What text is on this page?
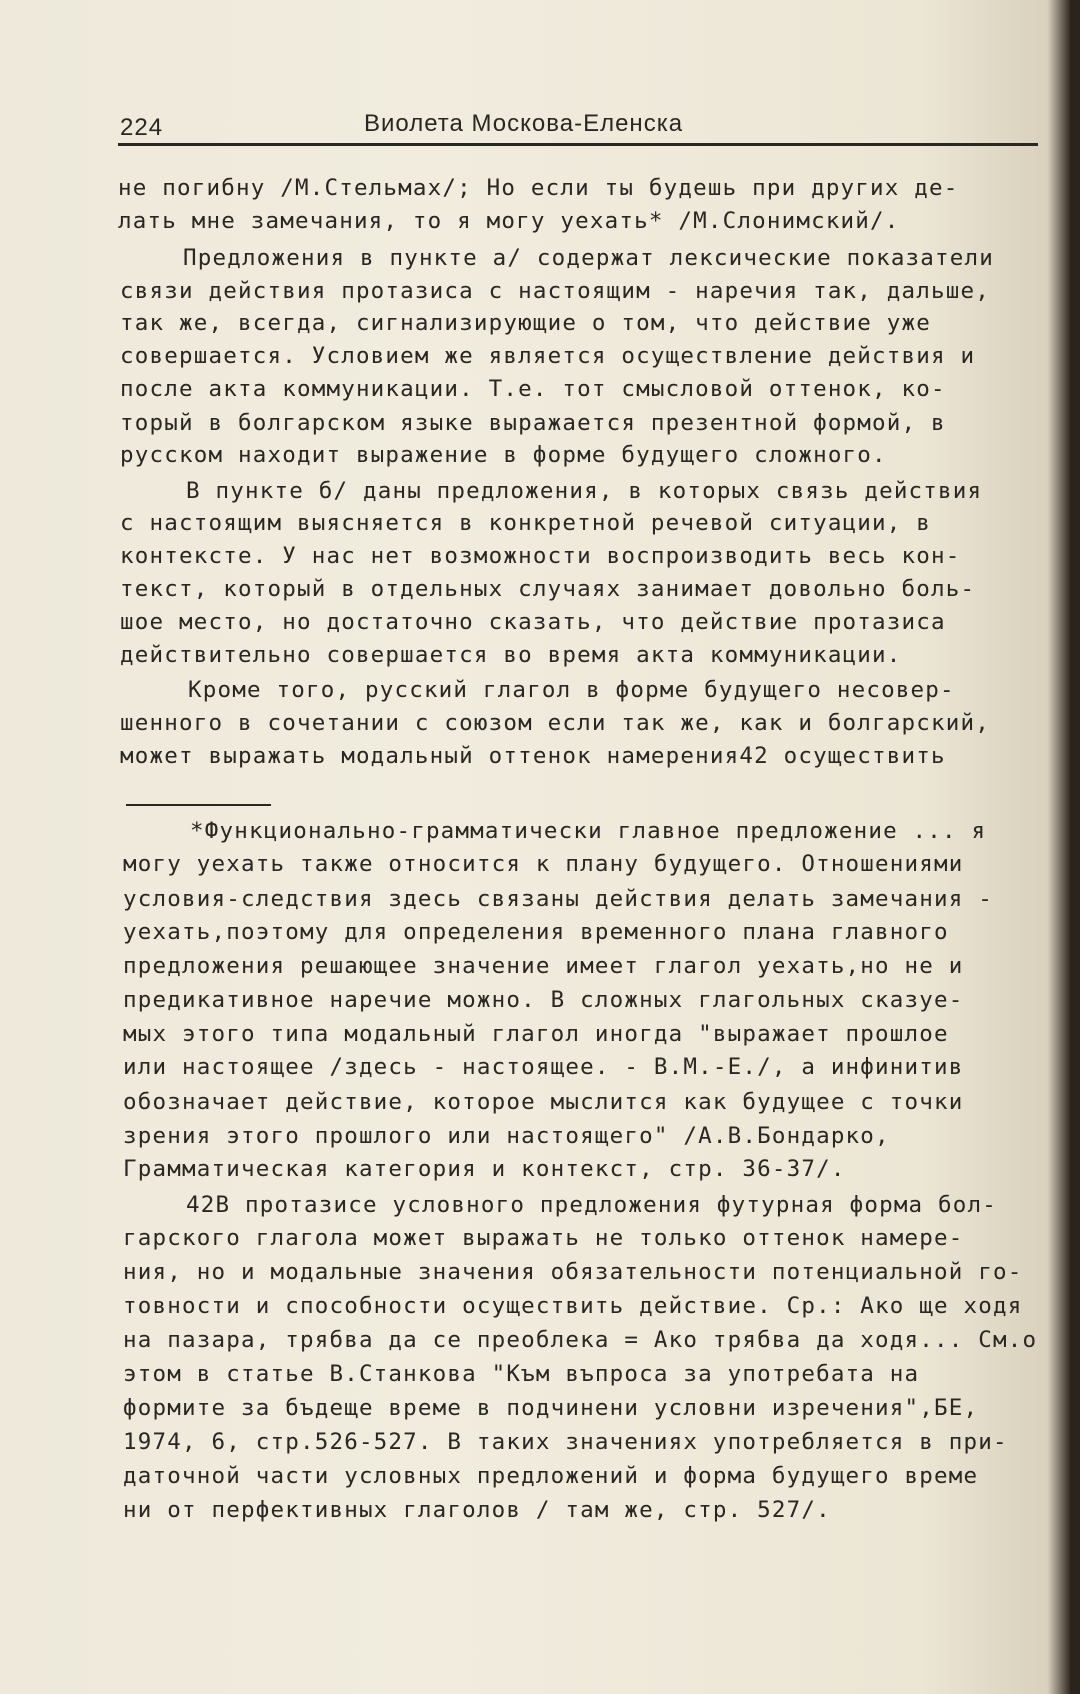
224	Виолета Москова-Еленска
не погибну /М.Стельмах/; Но если ты будешь при других де-
лать мне замечания, то я могу уехать* /М.Слонимский/.
Предложения в пункте а/ содержат лексические показатели
связи действия протазиса с настоящим - наречия так, дальше,
так же, всегда, сигнализирующие о том, что действие уже
совершается. Условием же является осуществление действия и
после акта коммуникации. Т.е. тот смысловой оттенок, ко-
торый в болгарском языке выражается презентной формой, в
русском находит выражение в форме будущего сложного.
В пункте б/ даны предложения, в которых связь действия
с настоящим выясняется в конкретной речевой ситуации, в
контексте. У нас нет возможности воспроизводить весь кон-
текст, который в отдельных случаях занимает довольно боль-
шое место, но достаточно сказать, что действие протазиса
действительно совершается во время акта коммуникации.
Кроме того, русский глагол в форме будущего несовер-
шенного в сочетании с союзом если так же, как и болгарский,
может выражать модальный оттенок намерения42 осуществить
*Функционально-грамматически главное предложение ... я
могу уехать также относится к плану будущего. Отношениями
условия-следствия здесь связаны действия делать замечания -
уехать,поэтому для определения временного плана главного
предложения решающее значение имеет глагол уехать,но не и
предикативное наречие можно. В сложных глагольных сказуе-
мых этого типа модальный глагол иногда "выражает прошлое
или настоящее /здесь - настоящее. - В.М.-Е./, а инфинитив
обозначает действие, которое мыслится как будущее с точки
зрения этого прошлого или настоящего" /А.В.Бондарко,
Грамматическая категория и контекст, стр. 36-37/.
42В протазисе условного предложения футурная форма бол-
гарского глагола может выражать не только оттенок намере-
ния, но и модальные значения обязательности потенциальной го-
товности и способности осуществить действие. Ср.: Ако ще ходя
на пазара, трябва да се преоблека = Ако трябва да ходя... См.о
этом в статье В.Станкова "Към въпроса за употребата на
формите за бъдеще време в подчинени условни изречения",БЕ,
1974, 6, стр.526-527. В таких значениях употребляется в при-
даточной части условных предложений и форма будущего време
ни от перфективных глаголов / там же, стр. 527/.
